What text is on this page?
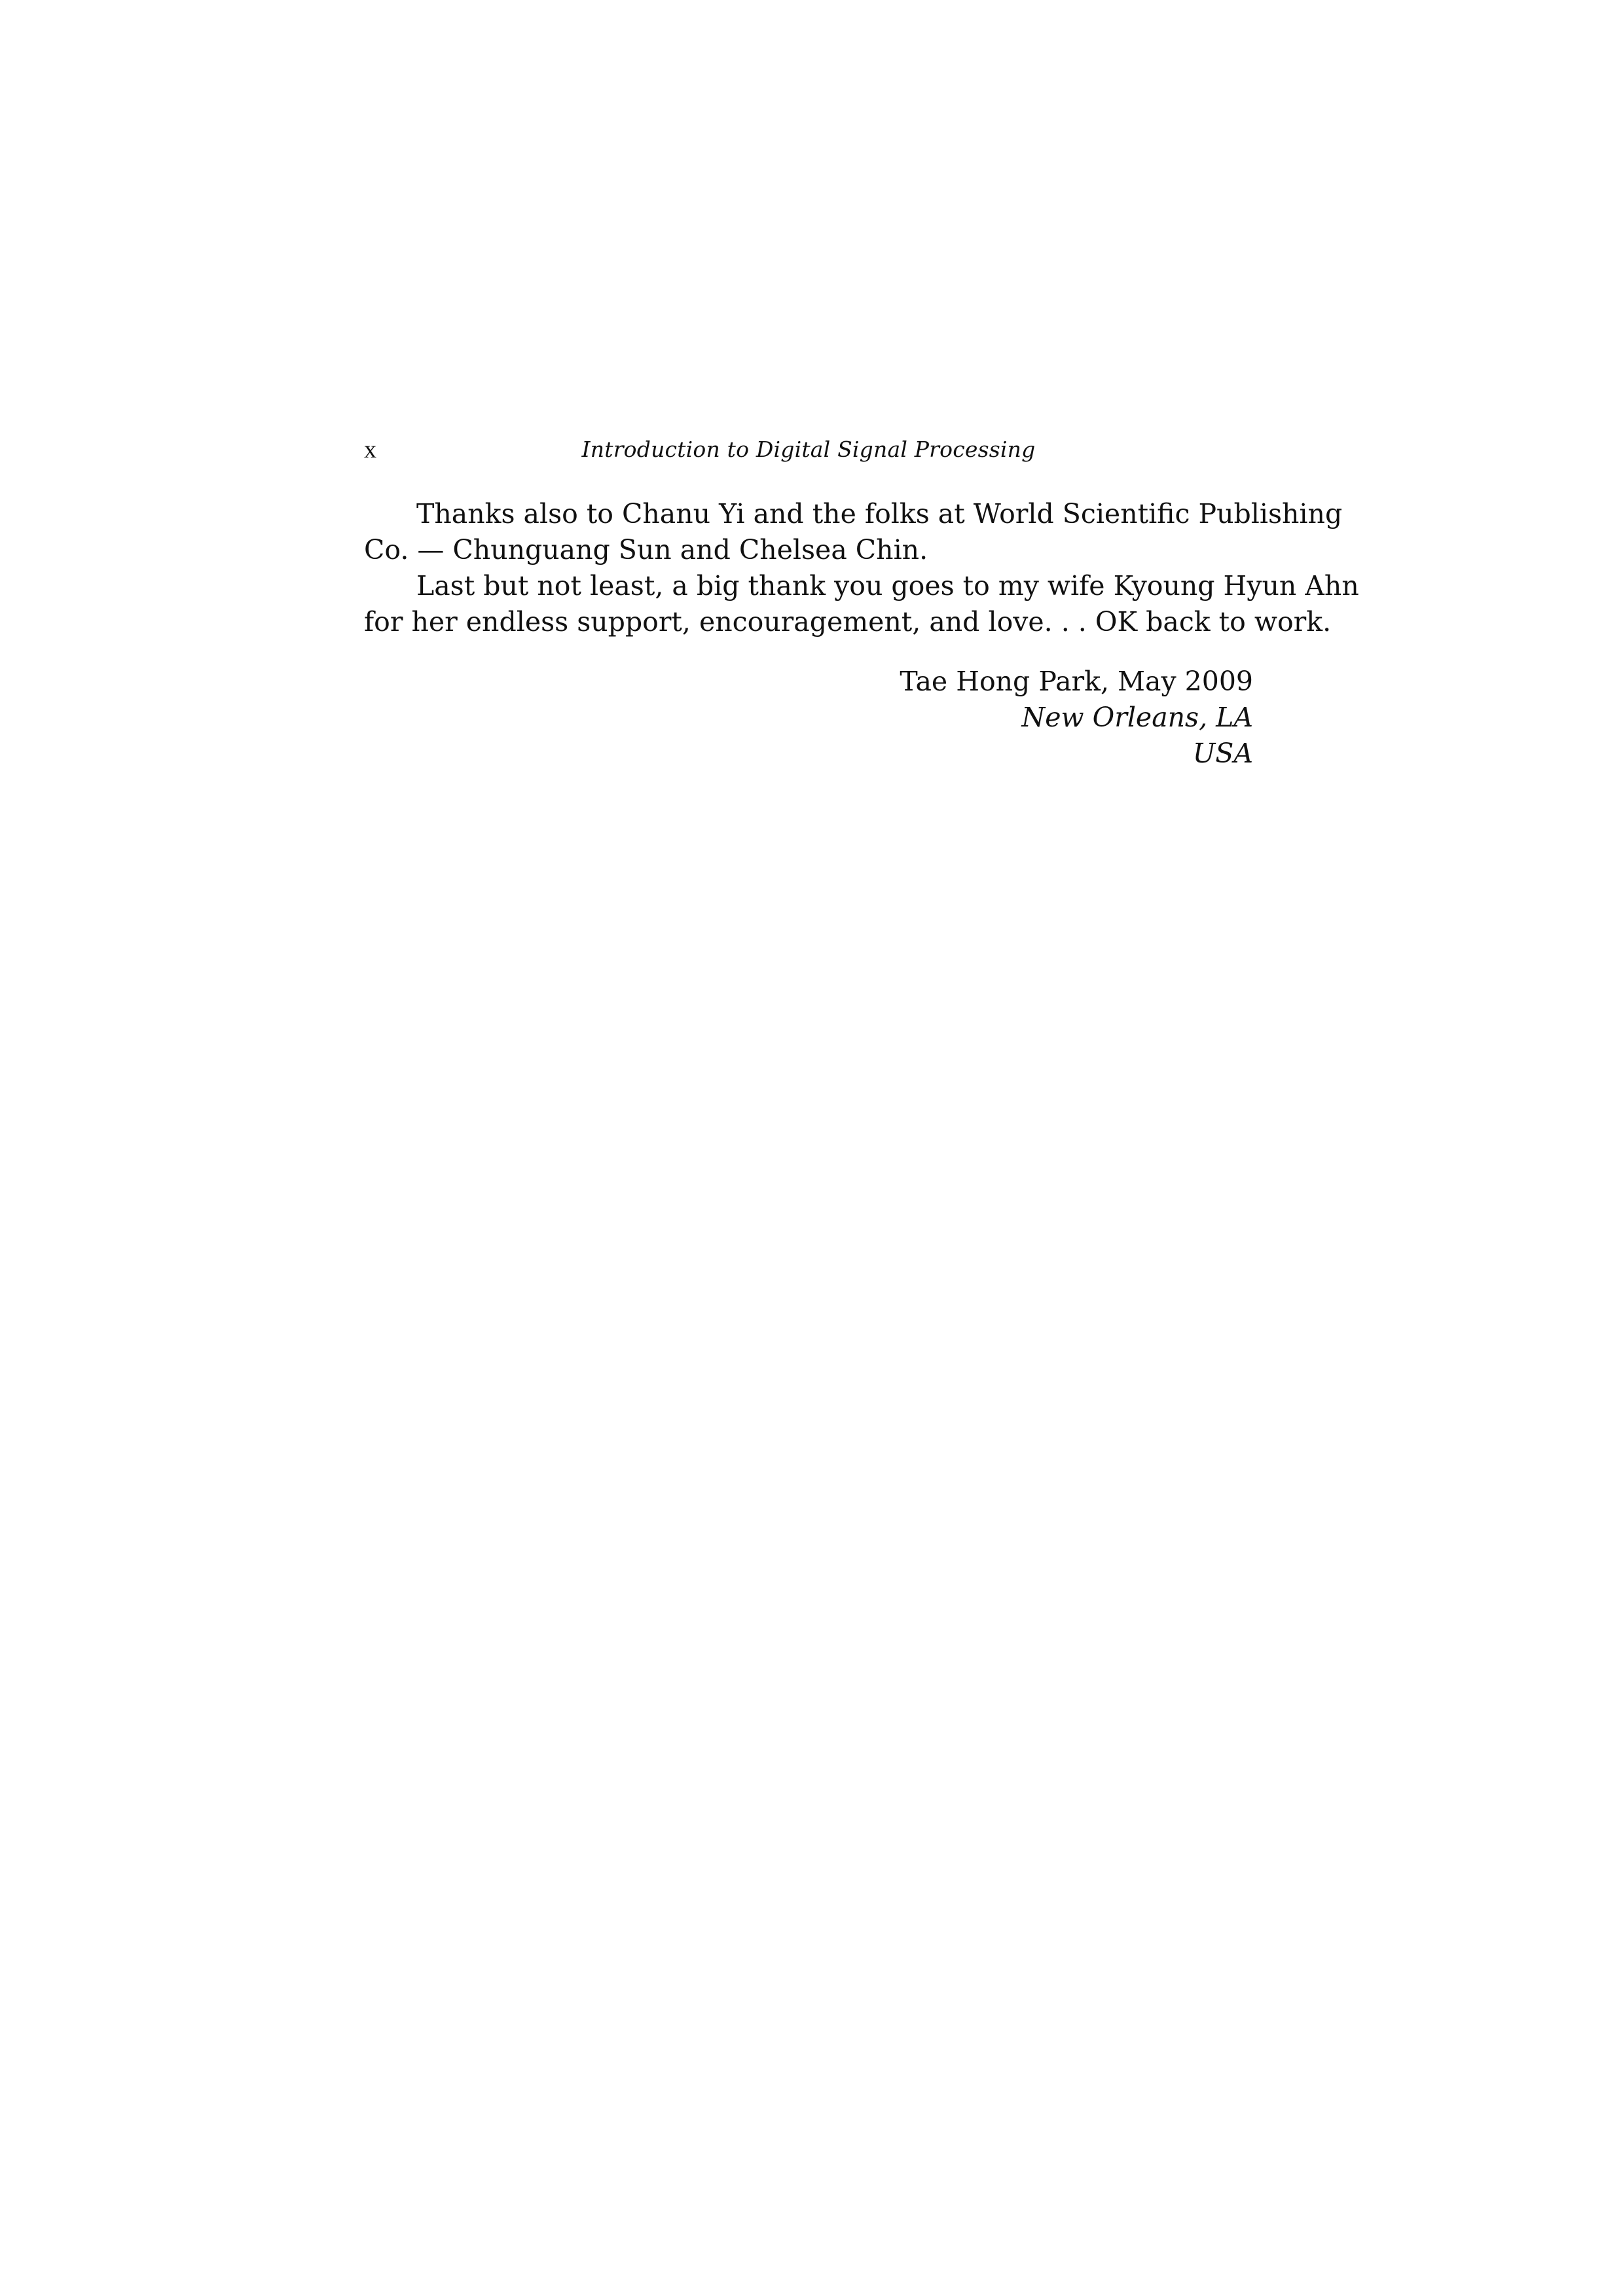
x	Introduction to Digital Signal Processing

Thanks also to Chanu Yi and the folks at World Scientific Publishing
Co. — Chunguang Sun and Chelsea Chin.

Last but not least, a big thank you goes to my wife Kyoung Hyun Ahn
for her endless support, encouragement, and love. . . OK back to work.

Tae Hong Park, May 2009
New Orleans, LA
USA
